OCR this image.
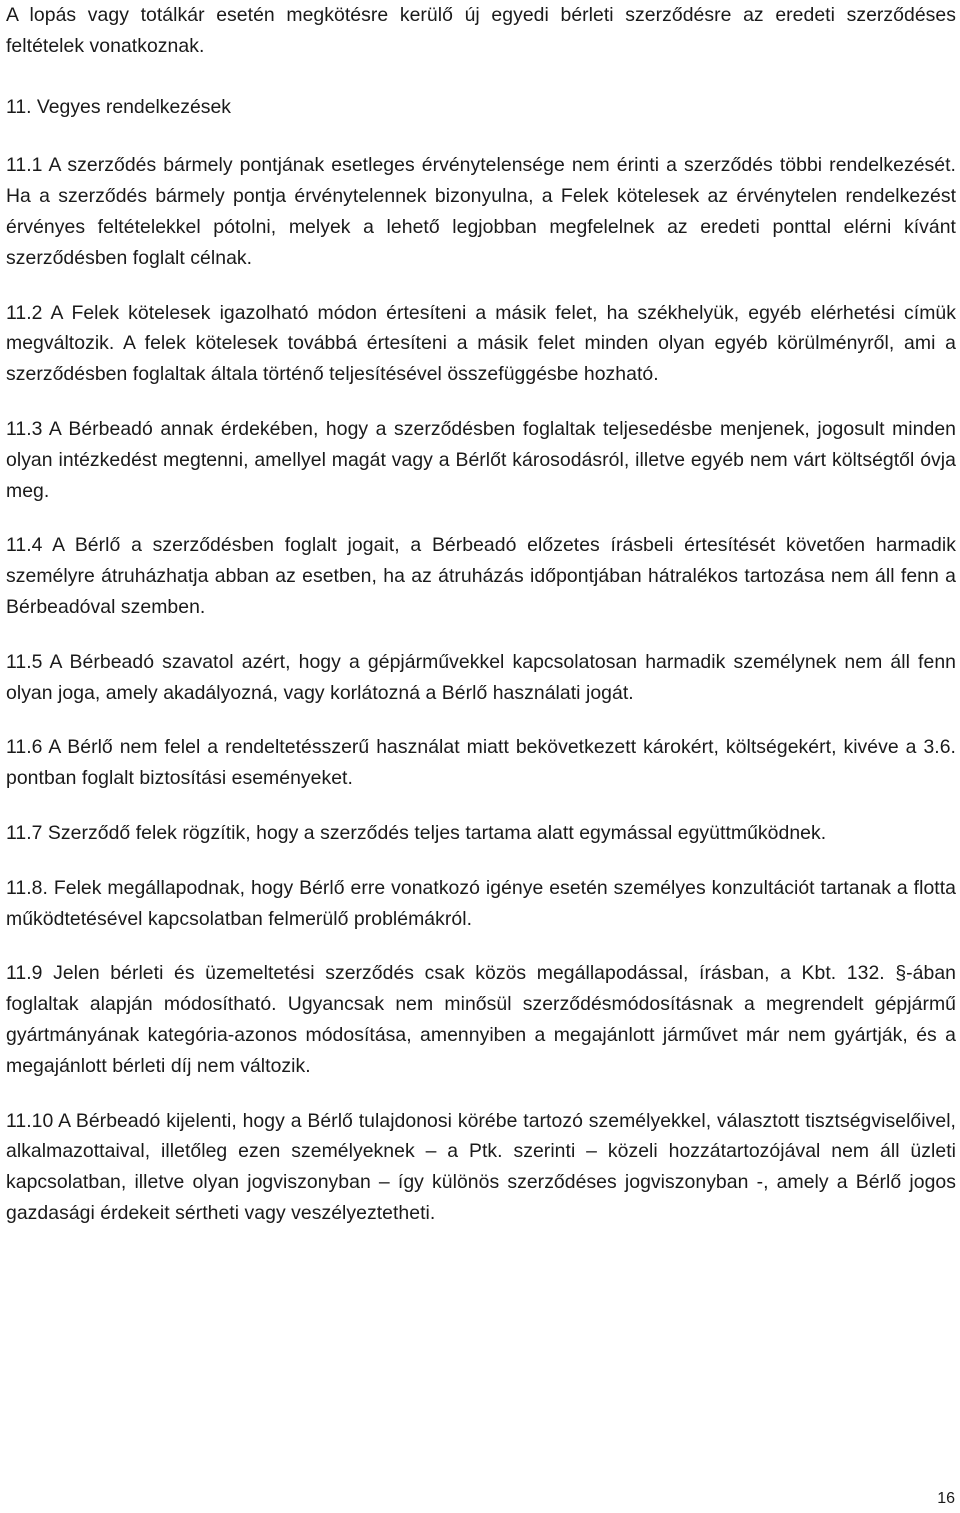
A lopás vagy totálkár esetén megkötésre kerülő új egyedi bérleti szerződésre az eredeti szerződéses feltételek vonatkoznak.

11. Vegyes rendelkezések

11.1 A szerződés bármely pontjának esetleges érvénytelensége nem érinti a szerződés többi rendelkezését. Ha a szerződés bármely pontja érvénytelennek bizonyulna, a Felek kötelesek az érvénytelen rendelkezést érvényes feltételekkel pótolni, melyek a lehető legjobban megfelelnek az eredeti ponttal elérni kívánt szerződésben foglalt célnak.

11.2 A Felek kötelesek igazolható módon értesíteni a másik felet, ha székhelyük, egyéb elérhetési címük megváltozik. A felek kötelesek továbbá értesíteni a másik felet minden olyan egyéb körülményről, ami a szerződésben foglaltak általa történő teljesítésével összefüggésbe hozható.

11.3 A Bérbeadó annak érdekében, hogy a szerződésben foglaltak teljesedésbe menjenek, jogosult minden olyan intézkedést megtenni, amellyel magát vagy a Bérlőt károsodásról, illetve egyéb nem várt költségtől óvja meg.

11.4 A Bérlő a szerződésben foglalt jogait, a Bérbeadó előzetes írásbeli értesítését követően harmadik személyre átruházhatja abban az esetben, ha az átruházás időpontjában hátralékos tartozása nem áll fenn a Bérbeadóval szemben.

11.5 A Bérbeadó szavatol azért, hogy a gépjárművekkel kapcsolatosan harmadik személynek nem áll fenn olyan joga, amely akadályozná, vagy korlátozná a Bérlő használati jogát.

11.6 A Bérlő nem felel a rendeltetésszerű használat miatt bekövetkezett károkért, költségekért, kivéve a 3.6. pontban foglalt biztosítási eseményeket.

11.7 Szerződő felek rögzítik, hogy a szerződés teljes tartama alatt egymással együttműködnek.

11.8. Felek megállapodnak, hogy Bérlő erre vonatkozó igénye esetén személyes konzultációt tartanak a flotta működtetésével kapcsolatban felmerülő problémákról.

11.9 Jelen bérleti és üzemeltetési szerződés csak közös megállapodással, írásban, a Kbt. 132. §-ában foglaltak alapján módosítható. Ugyancsak nem minősül szerződésmódosításnak a megrendelt gépjármű gyártmányának kategória-azonos módosítása, amennyiben a megajánlott járművet már nem gyártják, és a megajánlott bérleti díj nem változik.

11.10 A Bérbeadó kijelenti, hogy a Bérlő tulajdonosi körébe tartozó személyekkel, választott tisztségviselőivel, alkalmazottaival, illetőleg ezen személyeknek – a Ptk. szerinti – közeli hozzátartozójával nem áll üzleti kapcsolatban, illetve olyan jogviszonyban – így különös szerződéses jogviszonyban -, amely a Bérlő jogos gazdasági érdekeit sértheti vagy veszélyeztetheti.

16
